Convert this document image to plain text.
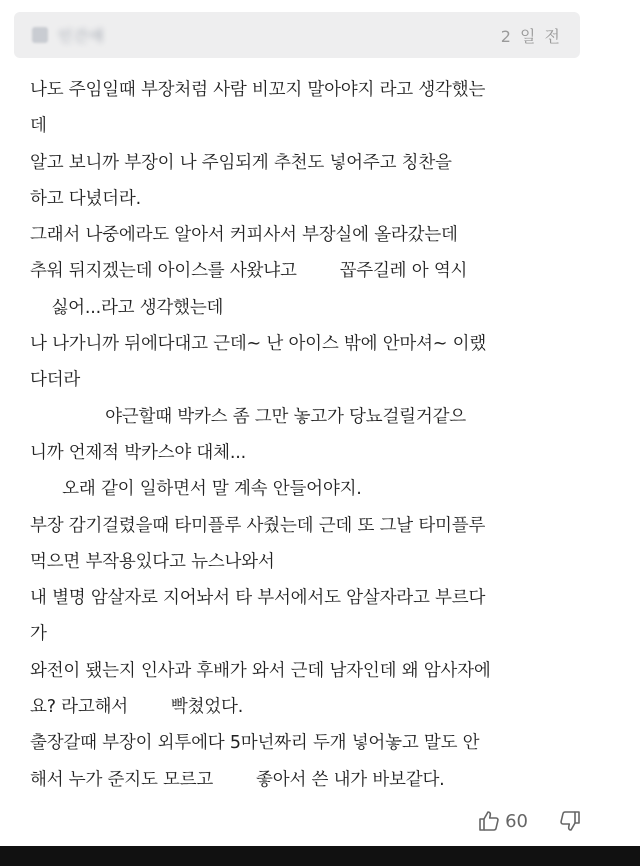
인간애	2 일 전
나도 주임일때 부장처럼 사람 비꼬지 말아야지 라고 생각했는
데
알고 보니까 부장이 나 주임되게 추천도 넣어주고 칭찬을
하고 다녔더라.
그래서 나중에라도 알아서 커피사서 부장실에 올라갔는데
추워 뒤지겠는데 아이스를 사왔냐고        꼽주길레 아 역시
싫어...라고 생각했는데
나 나가니까 뒤에다대고 근데~ 난 아이스 밖에 안마셔~ 이랬
다더라
야근할때 박카스 좀 그만 놓고가 당뇨걸릴거같으
니까 언제적 박카스야 대체...
오래 같이 일하면서 말 계속 안들어야지.
부장 감기걸렸을때 타미플루 사줬는데 근데 또 그날 타미플루
먹으면 부작용있다고 뉴스나와서
내 별명 암살자로 지어놔서 타 부서에서도 암살자라고 부르다
가
와전이 됐는지 인사과 후배가 와서 근데 남자인데 왜 암사자에
요? 라고해서        빡쳤었다.
출장갈때 부장이 외투에다 5마넌짜리 두개 넣어놓고 말도 안
해서 누가 준지도 모르고        좋아서 쓴 내가 바보같다.
60
